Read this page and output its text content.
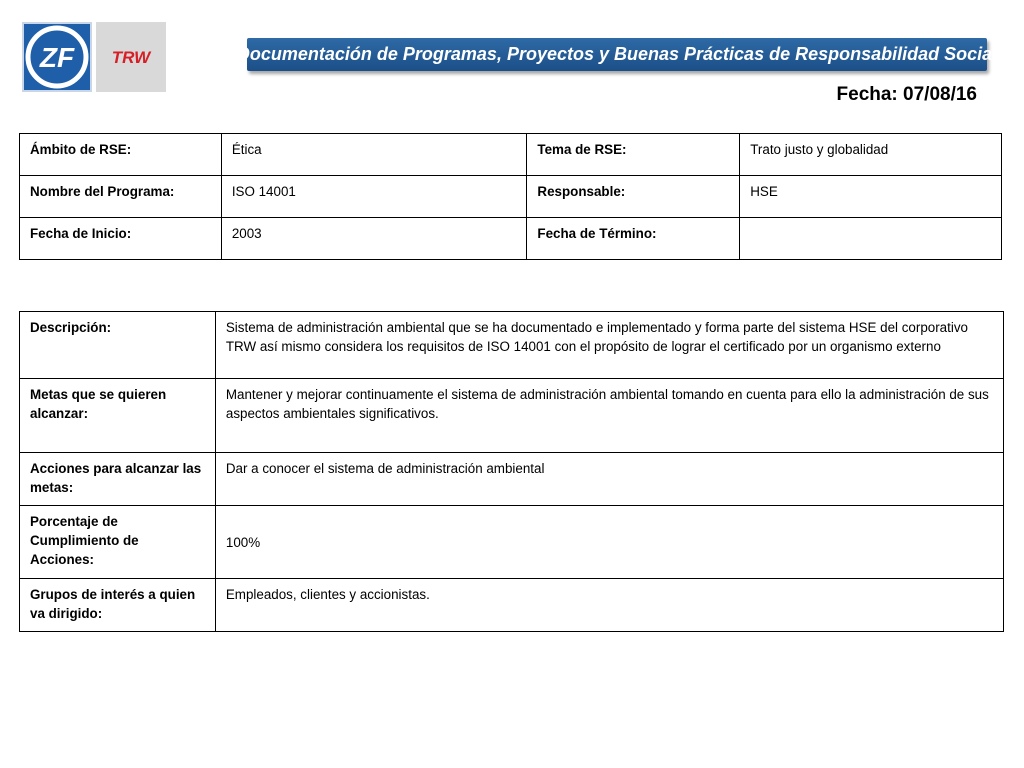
ZF TRW	Documentación de Programas, Proyectos y Buenas Prácticas de Responsabilidad Social
Fecha: 07/08/16
Ámbito de RSE:	Ética	Tema de RSE:	Trato justo y globalidad
Nombre del Programa:	ISO 14001	Responsable:	HSE
Fecha de Inicio:	2003	Fecha de Término:	
Descripción:	Sistema de administración ambiental que se ha documentado e implementado y forma parte del sistema HSE del corporativo TRW así mismo considera los requisitos de ISO 14001 con el propósito de lograr el certificado por un organismo externo
Metas que se quieren alcanzar:	Mantener y mejorar continuamente el sistema de administración ambiental tomando en cuenta para ello la administración de sus aspectos ambientales significativos.
Acciones para alcanzar las metas:	Dar a conocer el sistema de administración ambiental
Porcentaje de Cumplimiento de Acciones:	100%
Grupos de interés a quien va dirigido:	Empleados, clientes y accionistas.
